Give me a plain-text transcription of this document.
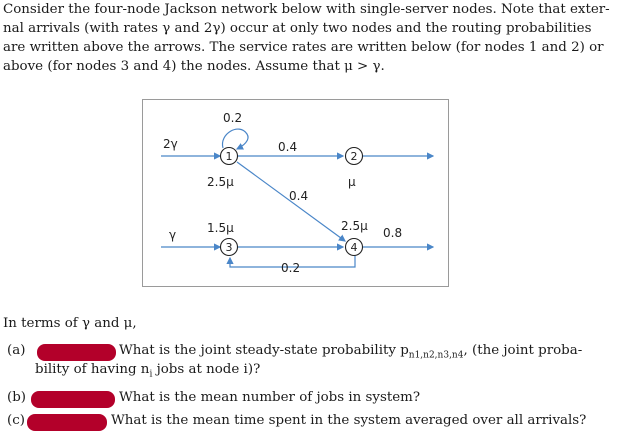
Consider the four-node Jackson network below with single-server nodes. Note that exter-
nal arrivals (with rates γ and 2γ) occur at only two nodes and the routing probabilities
are written above the arrows. The service rates are written below (for nodes 1 and 2) or
above (for nodes 3 and 4) the nodes. Assume that μ > γ.
1	2
3	4
2γ
γ
2.5μ	μ
1.5μ	2.5μ
0.2
0.4
0.4
0.2
0.8
In terms of γ and μ,
(a)	What is the joint steady-state probability $p_{n1,n2,n3,n4}$, (the joint proba-
bility of having $n_i$ jobs at node i)?
(b)	What is the mean number of jobs in system?
(c)	What is the mean time spent in the system averaged over all arrivals?
